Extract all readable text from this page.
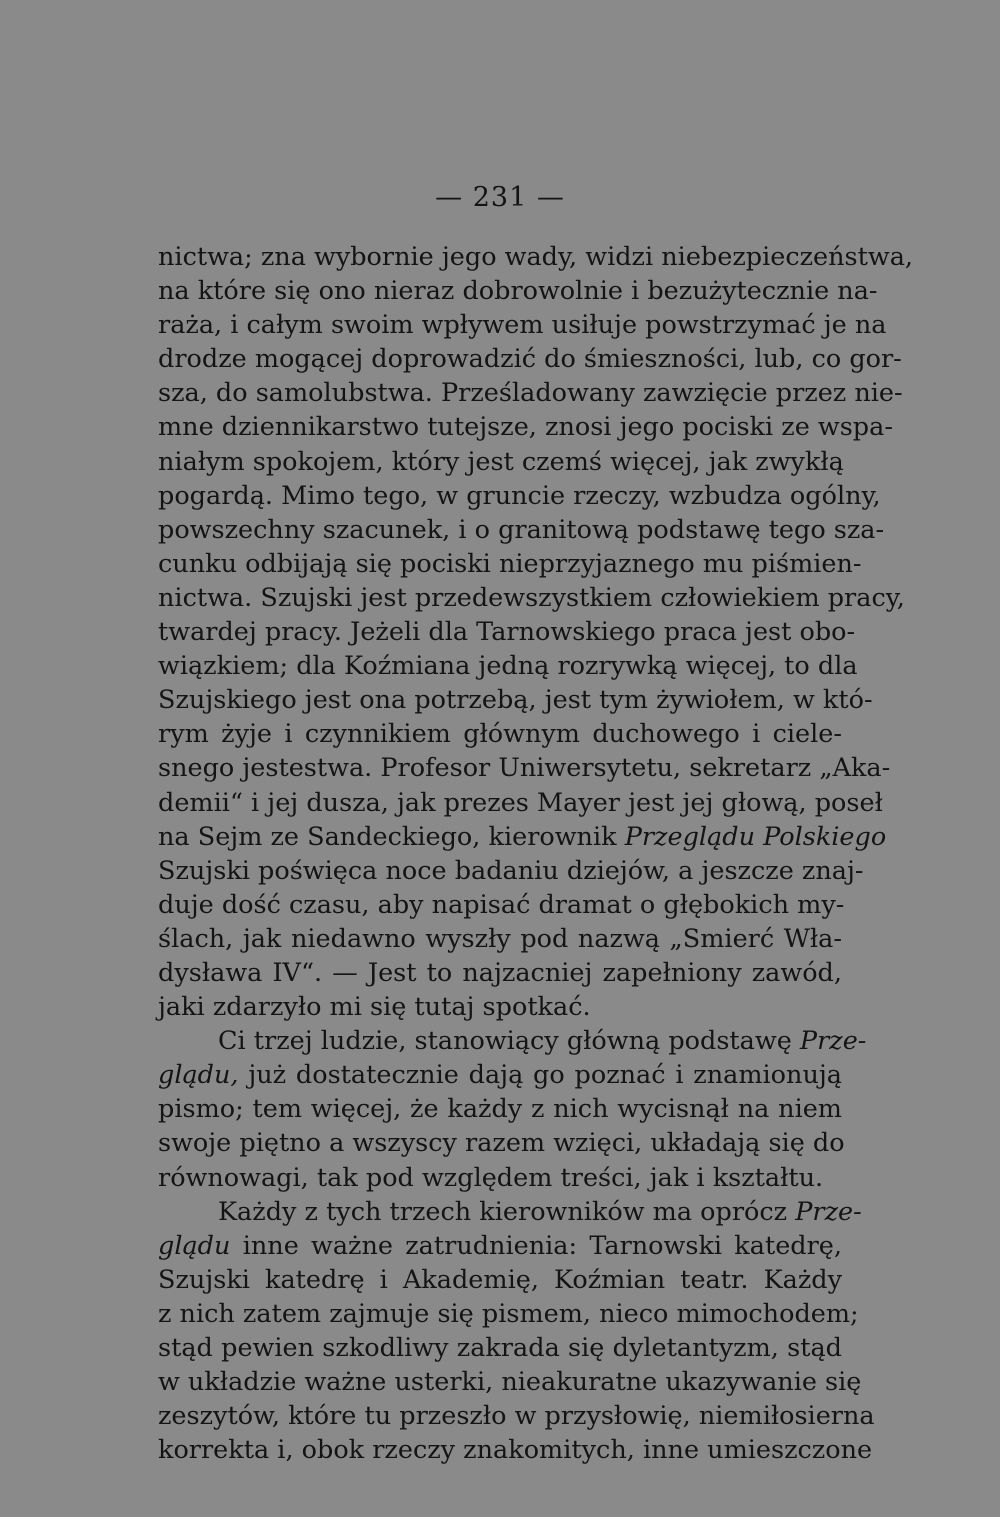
— 231 —
nictwa; zna wybornie jego wady, widzi niebezpieczeństwa,
na które się ono nieraz dobrowolnie i bezużytecznie na-
raża, i całym swoim wpływem usiłuje powstrzymać je na
drodze mogącej doprowadzić do śmieszności, lub, co gor-
sza, do samolubstwa. Prześladowany zawzięcie przez nie-
mne dziennikarstwo tutejsze, znosi jego pociski ze wspa-
niałym spokojem, który jest czemś więcej, jak zwykłą
pogardą. Mimo tego, w gruncie rzeczy, wzbudza ogólny,
powszechny szacunek, i o granitową podstawę tego sza-
cunku odbijają się pociski nieprzyjaznego mu piśmien-
nictwa. Szujski jest przedewszystkiem człowiekiem pracy,
twardej pracy. Jeżeli dla Tarnowskiego praca jest obo-
wiązkiem; dla Koźmiana jedną rozrywką więcej, to dla
Szujskiego jest ona potrzebą, jest tym żywiołem, w któ-
rym żyje i czynnikiem głównym duchowego i ciele-
snego jestestwa. Profesor Uniwersytetu, sekretarz „Aka-
demii“ i jej dusza, jak prezes Mayer jest jej głową, poseł
na Sejm ze Sandeckiego, kierownik Przeglądu Polskiego
Szujski poświęca noce badaniu dziejów, a jeszcze znaj-
duje dość czasu, aby napisać dramat o głębokich my-
ślach, jak niedawno wyszły pod nazwą „Smierć Wła-
dysława IV“. — Jest to najzacniej zapełniony zawód,
jaki zdarzyło mi się tutaj spotkać.
Ci trzej ludzie, stanowiący główną podstawę Prze-
glądu, już dostatecznie dają go poznać i znamionują
pismo; tem więcej, że każdy z nich wycisnął na niem
swoje piętno a wszyscy razem wzięci, układają się do
równowagi, tak pod względem treści, jak i kształtu.
Każdy z tych trzech kierowników ma oprócz Prze-
glądu inne ważne zatrudnienia: Tarnowski katedrę,
Szujski katedrę i Akademię, Koźmian teatr. Każdy
z nich zatem zajmuje się pismem, nieco mimochodem;
stąd pewien szkodliwy zakrada się dyletantyzm, stąd
w układzie ważne usterki, nieakuratne ukazywanie się
zeszytów, które tu przeszło w przysłowię, niemiłosierna
korrekta i, obok rzeczy znakomitych, inne umieszczone
